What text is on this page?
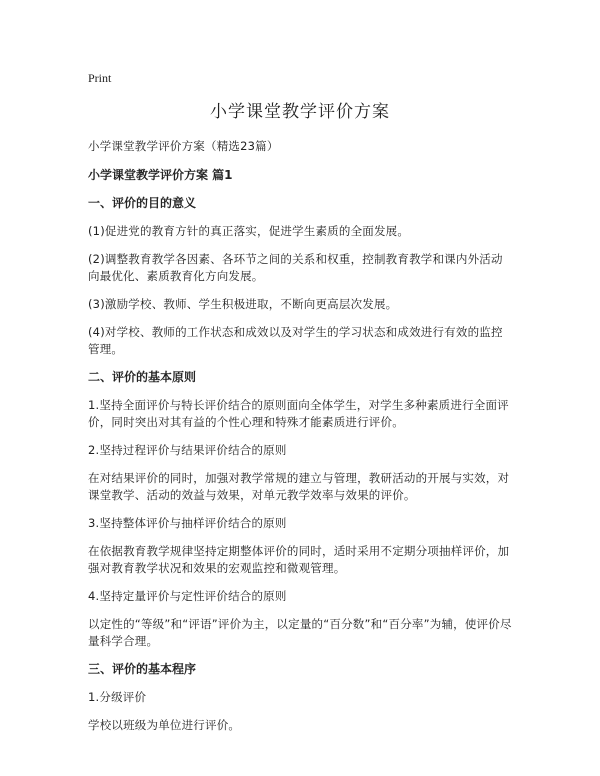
Print
小学课堂教学评价方案

小学课堂教学评价方案（精选23篇）

小学课堂教学评价方案 篇1

一、评价的目的意义

(1)促进党的教育方针的真正落实，促进学生素质的全面发展。

(2)调整教育教学各因素、各环节之间的关系和权重，控制教育教学和课内外活动向最优化、素质教育化方向发展。

(3)激励学校、教师、学生积极进取，不断向更高层次发展。

(4)对学校、教师的工作状态和成效以及对学生的学习状态和成效进行有效的监控管理。

二、评价的基本原则

1.坚持全面评价与特长评价结合的原则面向全体学生，对学生多种素质进行全面评价，同时突出对其有益的个性心理和特殊才能素质进行评价。

2.坚持过程评价与结果评价结合的原则

在对结果评价的同时，加强对教学常规的建立与管理，教研活动的开展与实效，对课堂教学、活动的效益与效果，对单元教学效率与效果的评价。

3.坚持整体评价与抽样评价结合的原则

在依据教育教学规律坚持定期整体评价的同时，适时采用不定期分项抽样评价，加强对教育教学状况和效果的宏观监控和微观管理。

4.坚持定量评价与定性评价结合的原则

以定性的“等级”和“评语”评价为主，以定量的“百分数”和“百分率”为辅，使评价尽量科学合理。

三、评价的基本程序

1.分级评价

学校以班级为单位进行评价。
